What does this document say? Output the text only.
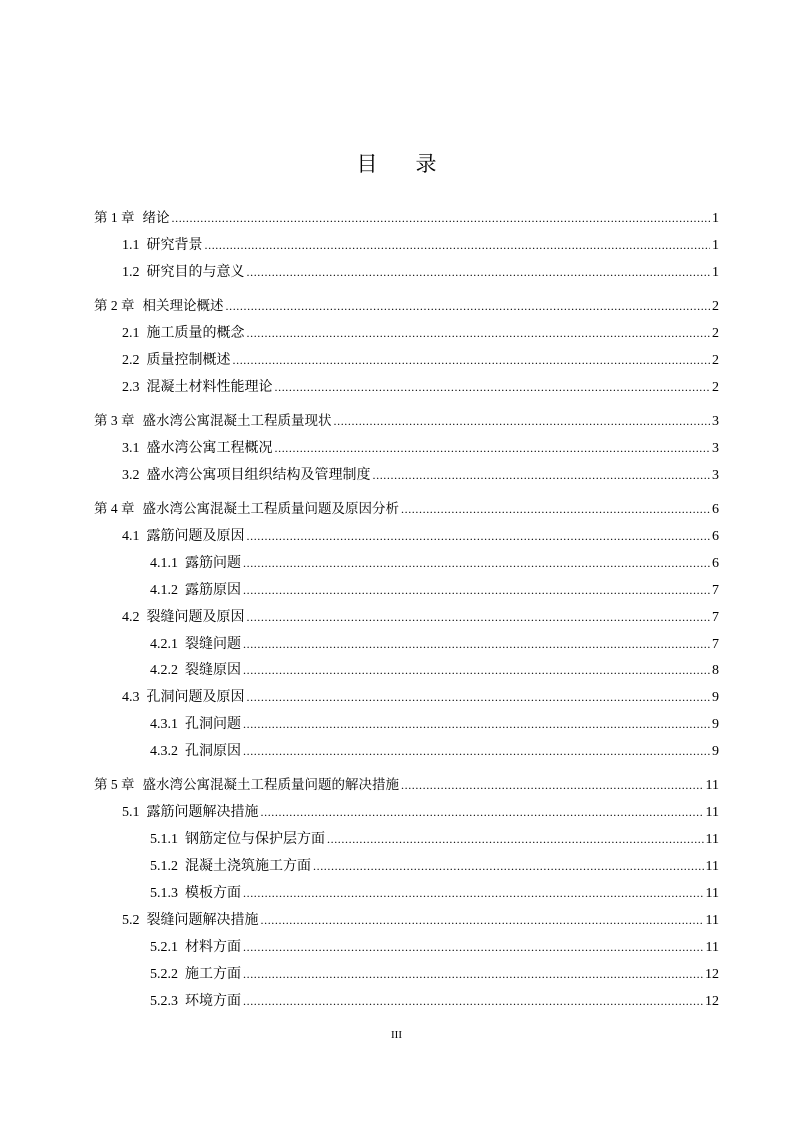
目 录
第 1 章 绪论 .....	1
1.1 研究背景 .....	1
1.2 研究目的与意义 .....	1
第 2 章 相关理论概述 .....	2
2.1 施工质量的概念 .....	2
2.2 质量控制概述 .....	2
2.3 混凝土材料性能理论 .....	2
第 3 章 盛水湾公寓混凝土工程质量现状 .....	3
3.1 盛水湾公寓工程概况 .....	3
3.2 盛水湾公寓项目组织结构及管理制度 .....	3
第 4 章 盛水湾公寓混凝土工程质量问题及原因分析 .....	6
4.1 露筋问题及原因 .....	6
4.1.1 露筋问题 .....	6
4.1.2 露筋原因 .....	7
4.2 裂缝问题及原因 .....	7
4.2.1 裂缝问题 .....	7
4.2.2 裂缝原因 .....	8
4.3 孔洞问题及原因 .....	9
4.3.1 孔洞问题 .....	9
4.3.2 孔洞原因 .....	9
第 5 章 盛水湾公寓混凝土工程质量问题的解决措施 .....	11
5.1 露筋问题解决措施 .....	11
5.1.1 钢筋定位与保护层方面 .....	11
5.1.2 混凝土浇筑施工方面 .....	11
5.1.3 模板方面 .....	11
5.2 裂缝问题解决措施 .....	11
5.2.1 材料方面 .....	11
5.2.2 施工方面 .....	12
5.2.3 环境方面 .....	12
III
